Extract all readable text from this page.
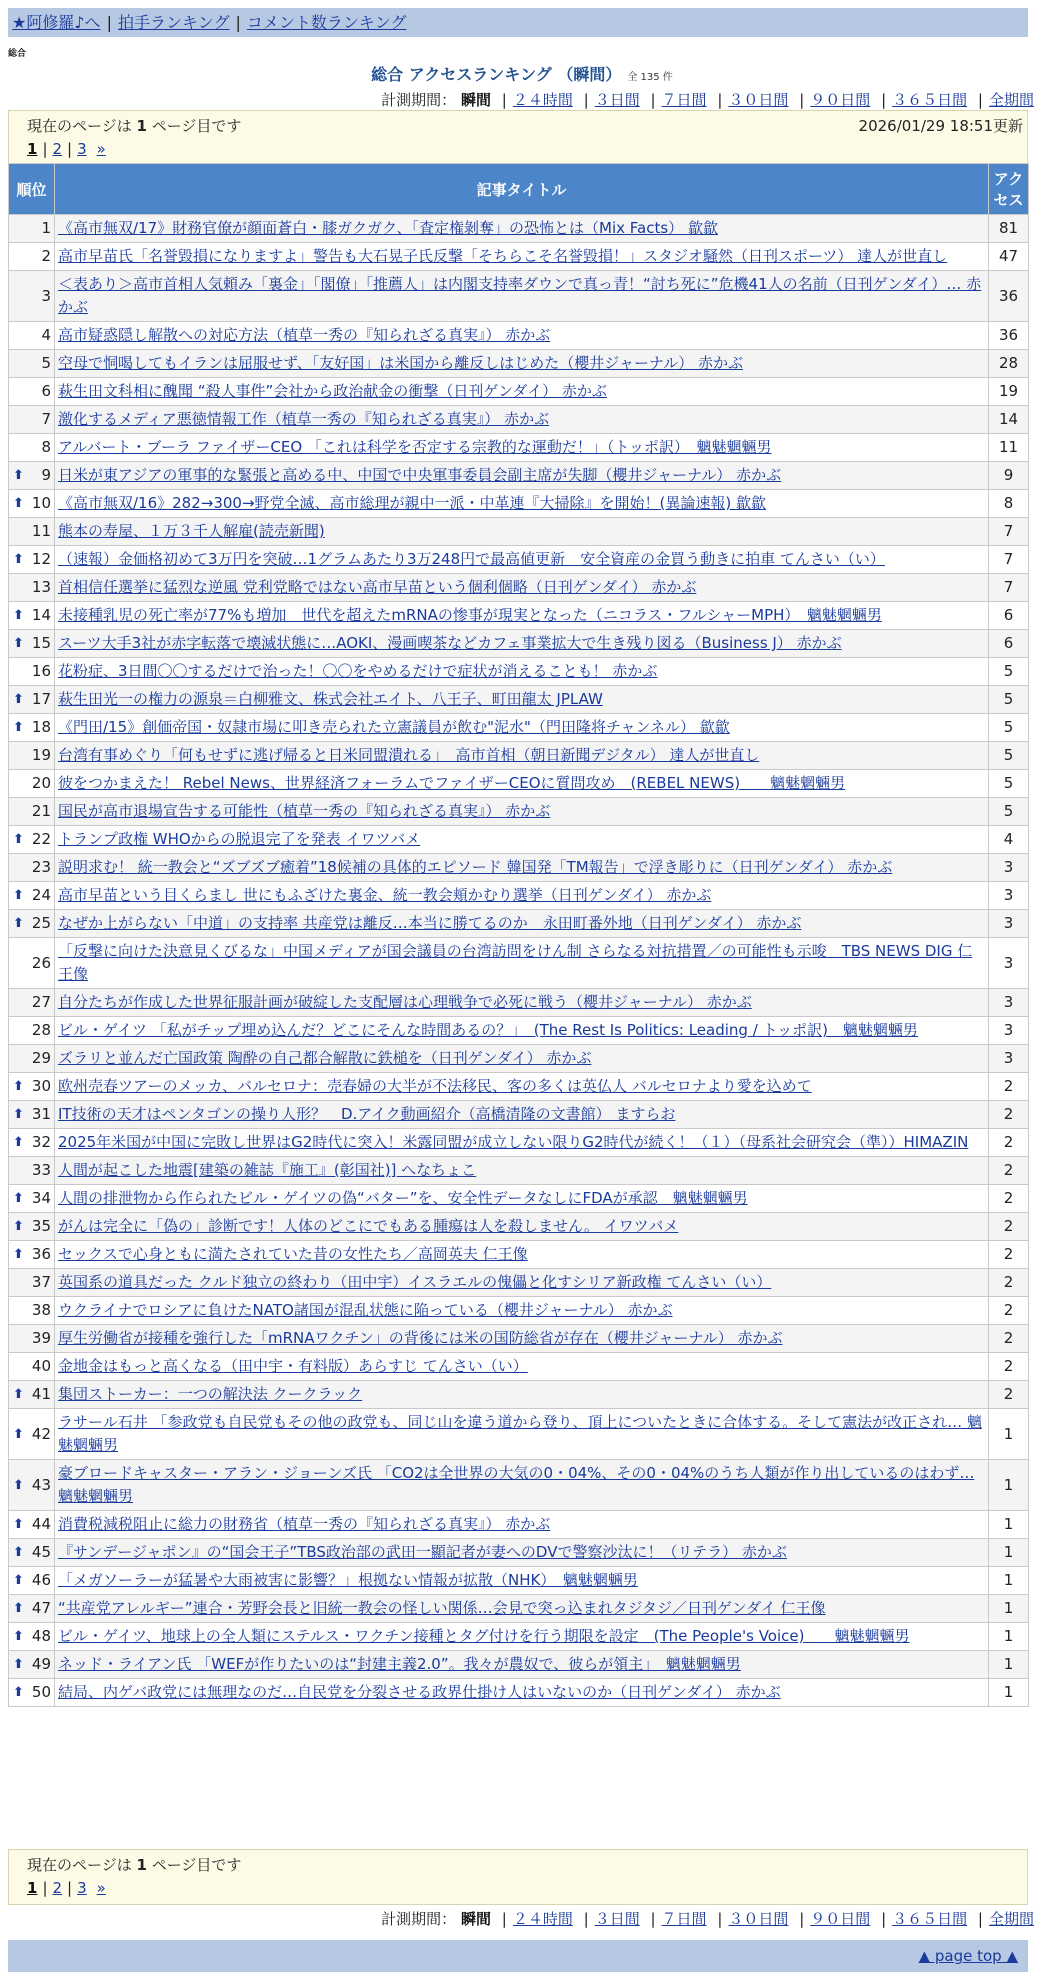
★阿修羅♪へ | 拍手ランキング | コメント数ランキング
総合
総合 アクセスランキング （瞬間） 全 135 件
計測期間： 瞬間 | ２４時間 | ３日間 | ７日間 | ３０日間 | ９０日間 | ３６５日間 | 全期間
現在のページは 1 ページ目です	2026/01/29 18:51更新
1 | 2 | 3 »
順位	記事タイトル	アクセス
1	《高市無双/17》財務官僚が顔面蒼白・膝ガクガク、「査定権剝奪」の恐怖とは（Mix Facts） 歙歙	81
2	高市早苗氏「名誉毀損になりますよ」警告も大石晃子氏反撃「そちらこそ名誉毀損！」スタジオ騒然（日刊スポーツ） 達人が世直し	47
3	＜表あり＞高市首相人気頼み「裏金」「閣僚」「推薦人」は内閣支持率ダウンで真っ青！“討ち死に”危機41人の名前（日刊ゲンダイ）… 赤かぶ	36
4	高市疑惑隠し解散への対応方法（植草一秀の『知られざる真実』） 赤かぶ	36
5	空母で恫喝してもイランは屈服せず、「友好国」は米国から離反しはじめた（櫻井ジャーナル） 赤かぶ	28
6	萩生田文科相に醜聞 “殺人事件”会社から政治献金の衝撃（日刊ゲンダイ） 赤かぶ	19
7	激化するメディア悪徳情報工作（植草一秀の『知られざる真実』） 赤かぶ	14
8	アルバート・ブーラ ファイザーCEO 「これは科学を否定する宗教的な運動だ！」（トッポ訳）　魑魅魍魎男	11

⬆ 9	日米が東アジアの軍事的な緊張と高める中、中国で中央軍事委員会副主席が失脚（櫻井ジャーナル） 赤かぶ	9

⬆ 10	《高市無双/16》282→300→野党全滅、高市総理が親中一派・中革連『大掃除』を開始！(異論速報) 歙歙	8
11	熊本の寿屋、１万３千人解雇(読売新聞)	7

⬆ 12	（速報）金価格初めて3万円を突破…1グラムあたり3万248円で最高値更新　安全資産の金買う動きに拍車 てんさい（い）	7
13	首相信任選挙に猛烈な逆風 党利党略ではない高市早苗という個利個略（日刊ゲンダイ） 赤かぶ	7

⬆ 14	未接種乳児の死亡率が77%も増加　世代を超えたmRNAの惨事が現実となった（ニコラス・フルシャーMPH）　魑魅魍魎男	6

⬆ 15	スーツ大手3社が赤字転落で壊滅状態に…AOKI、漫画喫茶などカフェ事業拡大で生き残り図る（Business J） 赤かぶ	6
16	花粉症、3日間〇〇するだけで治った！〇〇をやめるだけで症状が消えることも！ 赤かぶ	5

⬆ 17	萩生田光一の権力の源泉＝白柳雅文、株式会社エイト、八王子、町田龍太 JPLAW	5

⬆ 18	《門田/15》創価帝国・奴隷市場に叩き売られた立憲議員が飲む"泥水"（門田隆将チャンネル） 歙歙	5
19	台湾有事めぐり「何もせずに逃げ帰ると日米同盟潰れる」　高市首相（朝日新聞デジタル） 達人が世直し	5
20	彼をつかまえた！ Rebel News、世界経済フォーラムでファイザーCEOに質問攻め　(REBEL NEWS)　　魑魅魍魎男	5
21	国民が高市退場宣告する可能性（植草一秀の『知られざる真実』） 赤かぶ	5

⬆ 22	トランプ政権 WHOからの脱退完了を発表 イワツバメ	4
23	説明求む！ 統一教会と“ズブズブ癒着”18候補の具体的エピソード 韓国発「TM報告」で浮き彫りに（日刊ゲンダイ） 赤かぶ	3

⬆ 24	高市早苗という目くらまし 世にもふざけた裏金、統一教会頬かむり選挙（日刊ゲンダイ） 赤かぶ	3

⬆ 25	なぜか上がらない「中道」の支持率 共産党は離反…本当に勝てるのか　永田町番外地（日刊ゲンダイ） 赤かぶ	3
26	「反撃に向けた決意見くびるな」中国メディアが国会議員の台湾訪問をけん制 さらなる対抗措置／の可能性も示唆　TBS NEWS DIG 仁王像	3
27	自分たちが作成した世界征服計画が破綻した支配層は心理戦争で必死に戦う（櫻井ジャーナル） 赤かぶ	3
28	ビル・ゲイツ 「私がチップ埋め込んだ？どこにそんな時間あるの？」　(The Rest Is Politics: Leading / トッポ訳)　魑魅魍魎男	3
29	ズラリと並んだ亡国政策 陶酔の自己都合解散に鉄槌を（日刊ゲンダイ） 赤かぶ	3

⬆ 30	欧州売春ツアーのメッカ、バルセロナ：売春婦の大半が不法移民、客の多くは英仏人 バルセロナより愛を込めて	2

⬆ 31	IT技術の天才はペンタゴンの操り人形？　D.アイク動画紹介（高橋清隆の文書館） ますらお	2

⬆ 32	2025年米国が中国に完敗し世界はG2時代に突入！米露同盟が成立しない限りG2時代が続く！（１）（母系社会研究会（準））HIMAZIN	2
33	人間が起こした地震[建築の雑誌『施工』(彰国社)] へなちょこ	2

⬆ 34	人間の排泄物から作られたビル・ゲイツの偽“バター”を、安全性データなしにFDAが承認　魑魅魍魎男	2

⬆ 35	がんは完全に「偽の」診断です！人体のどこにでもある腫瘍は人を殺しません。 イワツバメ	2

⬆ 36	セックスで心身ともに満たされていた昔の女性たち／高岡英夫 仁王像	2
37	英国系の道具だった クルド独立の終わり（田中宇）イスラエルの傀儡と化すシリア新政権 てんさい（い）	2
38	ウクライナでロシアに負けたNATO諸国が混乱状態に陥っている（櫻井ジャーナル） 赤かぶ	2
39	厚生労働省が接種を強行した「mRNAワクチン」の背後には米の国防総省が存在（櫻井ジャーナル） 赤かぶ	2
40	金地金はもっと高くなる（田中宇・有料版）あらすじ てんさい（い）	2

⬆ 41	集団ストーカー：一つの解決法 クークラック	2

⬆ 42	ラサール石井 「参政党も自民党もその他の政党も、同じ山を違う道から登り、頂上についたときに合体する。そして憲法が改正され… 魑魅魍魎男	1

⬆ 43	豪ブロードキャスター・アラン・ジョーンズ氏 「CO2は全世界の大気の0・04%、その0・04%のうち人類が作り出しているのはわず… 魑魅魍魎男	1

⬆ 44	消費税減税阻止に総力の財務省（植草一秀の『知られざる真実』） 赤かぶ	1

⬆ 45	『サンデージャポン』の“国会王子”TBS政治部の武田一顯記者が妻へのDVで警察沙汰に！（リテラ） 赤かぶ	1

⬆ 46	「メガソーラーが猛暑や大雨被害に影響？」根拠ない情報が拡散（NHK）　魑魅魍魎男	1

⬆ 47	“共産党アレルギー”連合・芳野会長と旧統一教会の怪しい関係…会見で突っ込まれタジタジ／日刊ゲンダイ 仁王像	1

⬆ 48	ビル・ゲイツ、地球上の全人類にステルス・ワクチン接種とタグ付けを行う期限を設定　(The People's Voice)　　魑魅魍魎男	1

⬆ 49	ネッド・ライアン氏 「WEFが作りたいのは“封建主義2.0”。我々が農奴で、彼らが領主」　魑魅魍魎男	1

⬆ 50	結局、内ゲバ政党には無理なのだ…自民党を分裂させる政界仕掛け人はいないのか（日刊ゲンダイ） 赤かぶ	1
現在のページは 1 ページ目です
1 | 2 | 3 »
計測期間： 瞬間 | ２４時間 | ３日間 | ７日間 | ３０日間 | ９０日間 | ３６５日間 | 全期間
▲ page top ▲
